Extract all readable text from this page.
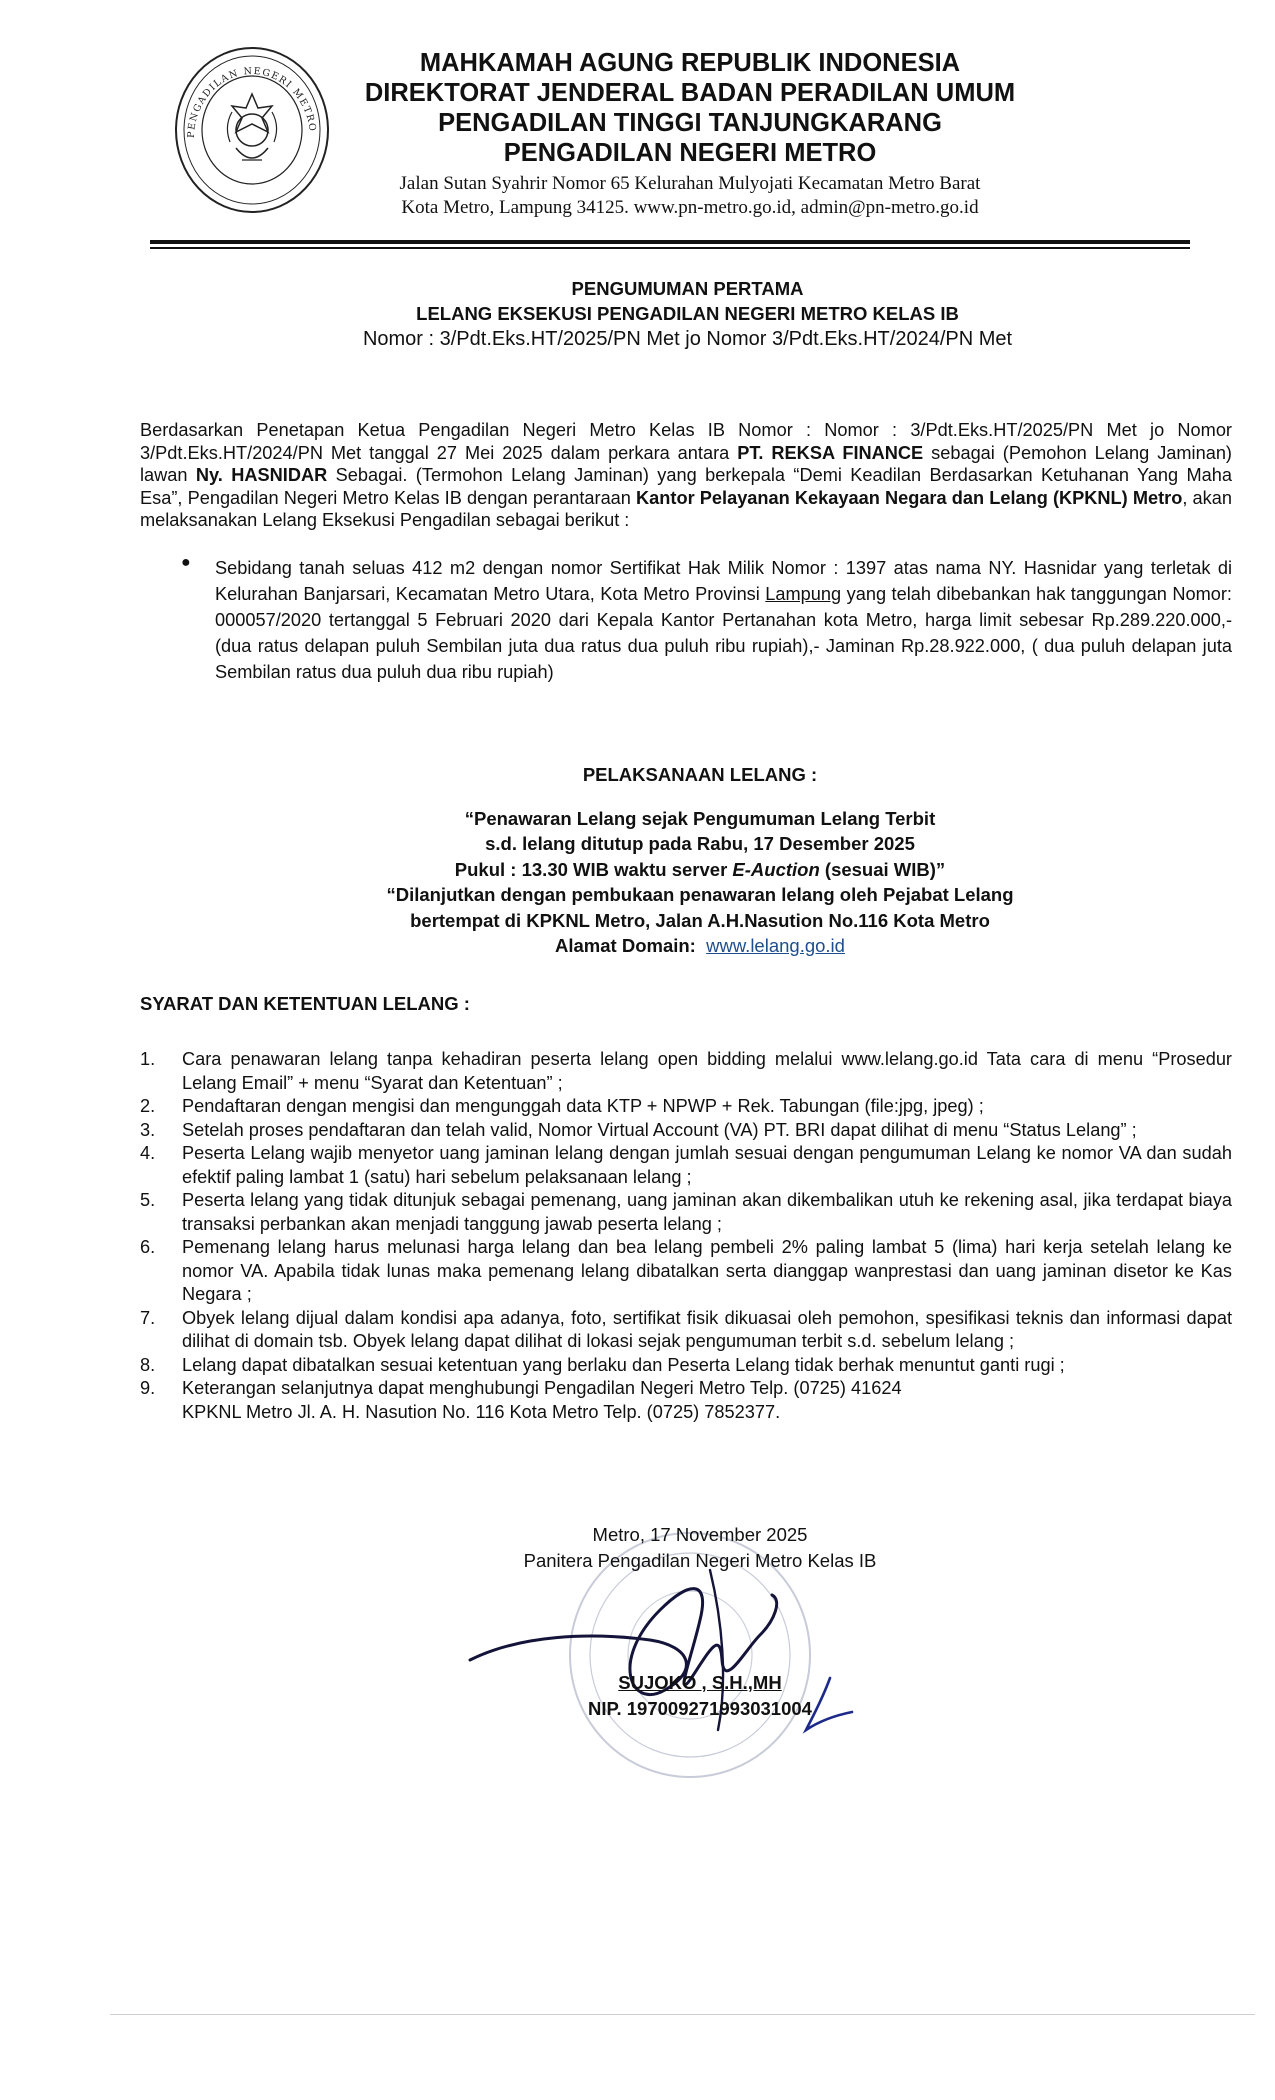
PENGADILAN NEGERI METRO
MAHKAMAH AGUNG REPUBLIK INDONESIA
DIREKTORAT JENDERAL BADAN PERADILAN UMUM
PENGADILAN TINGGI TANJUNGKARANG
PENGADILAN NEGERI METRO
Jalan Sutan Syahrir Nomor 65 Kelurahan Mulyojati Kecamatan Metro Barat
Kota Metro, Lampung 34125. www.pn-metro.go.id, admin@pn-metro.go.id
PENGUMUMAN PERTAMA
LELANG EKSEKUSI PENGADILAN NEGERI METRO KELAS IB
Nomor : 3/Pdt.Eks.HT/2025/PN Met jo Nomor 3/Pdt.Eks.HT/2024/PN Met
Berdasarkan Penetapan Ketua Pengadilan Negeri Metro Kelas IB Nomor : Nomor : 3/Pdt.Eks.HT/2025/PN Met jo Nomor 3/Pdt.Eks.HT/2024/PN Met tanggal 27 Mei 2025 dalam perkara antara PT. REKSA FINANCE sebagai (Pemohon Lelang Jaminan) lawan Ny. HASNIDAR Sebagai. (Termohon Lelang Jaminan) yang berkepala “Demi Keadilan Berdasarkan Ketuhanan Yang Maha Esa”, Pengadilan Negeri Metro Kelas IB dengan perantaraan Kantor Pelayanan Kekayaan Negara dan Lelang (KPKNL) Metro, akan melaksanakan Lelang Eksekusi Pengadilan sebagai berikut :
● Sebidang tanah seluas 412 m2 dengan nomor Sertifikat Hak Milik Nomor : 1397 atas nama NY. Hasnidar yang terletak di Kelurahan Banjarsari, Kecamatan Metro Utara, Kota Metro Provinsi Lampung yang telah dibebankan hak tanggungan Nomor: 000057/2020 tertanggal 5 Februari 2020 dari Kepala Kantor Pertanahan kota Metro, harga limit sebesar Rp.289.220.000,- (dua ratus delapan puluh Sembilan juta dua ratus dua puluh ribu rupiah),- Jaminan Rp.28.922.000, ( dua puluh delapan juta Sembilan ratus dua puluh dua ribu rupiah)
PELAKSANAAN LELANG :
“Penawaran Lelang sejak Pengumuman Lelang Terbit
s.d. lelang ditutup pada Rabu, 17 Desember 2025
Pukul : 13.30 WIB waktu server E-Auction (sesuai WIB)”
“Dilanjutkan dengan pembukaan penawaran lelang oleh Pejabat Lelang
bertempat di KPKNL Metro, Jalan A.H.Nasution No.116 Kota Metro
Alamat Domain: www.lelang.go.id
SYARAT DAN KETENTUAN LELANG :
1. Cara penawaran lelang tanpa kehadiran peserta lelang open bidding melalui www.lelang.go.id Tata cara di menu “Prosedur Lelang Email” + menu “Syarat dan Ketentuan” ;
2. Pendaftaran dengan mengisi dan mengunggah data KTP + NPWP + Rek. Tabungan (file:jpg, jpeg) ;
3. Setelah proses pendaftaran dan telah valid, Nomor Virtual Account (VA) PT. BRI dapat dilihat di menu “Status Lelang” ;
4. Peserta Lelang wajib menyetor uang jaminan lelang dengan jumlah sesuai dengan pengumuman Lelang ke nomor VA dan sudah efektif paling lambat 1 (satu) hari sebelum pelaksanaan lelang ;
5. Peserta lelang yang tidak ditunjuk sebagai pemenang, uang jaminan akan dikembalikan utuh ke rekening asal, jika terdapat biaya transaksi perbankan akan menjadi tanggung jawab peserta lelang ;
6. Pemenang lelang harus melunasi harga lelang dan bea lelang pembeli 2% paling lambat 5 (lima) hari kerja setelah lelang ke nomor VA. Apabila tidak lunas maka pemenang lelang dibatalkan serta dianggap wanprestasi dan uang jaminan disetor ke Kas Negara ;
7. Obyek lelang dijual dalam kondisi apa adanya, foto, sertifikat fisik dikuasai oleh pemohon, spesifikasi teknis dan informasi dapat dilihat di domain tsb. Obyek lelang dapat dilihat di lokasi sejak pengumuman terbit s.d. sebelum lelang ;
8. Lelang dapat dibatalkan sesuai ketentuan yang berlaku dan Peserta Lelang tidak berhak menuntut ganti rugi ;
9. Keterangan selanjutnya dapat menghubungi Pengadilan Negeri Metro Telp. (0725) 41624
KPKNL Metro Jl. A. H. Nasution No. 116 Kota Metro Telp. (0725) 7852377.
Metro, 17 November 2025
Panitera Pengadilan Negeri Metro Kelas IB
SUJOKO , S.H.,MH
NIP. 197009271993031004
